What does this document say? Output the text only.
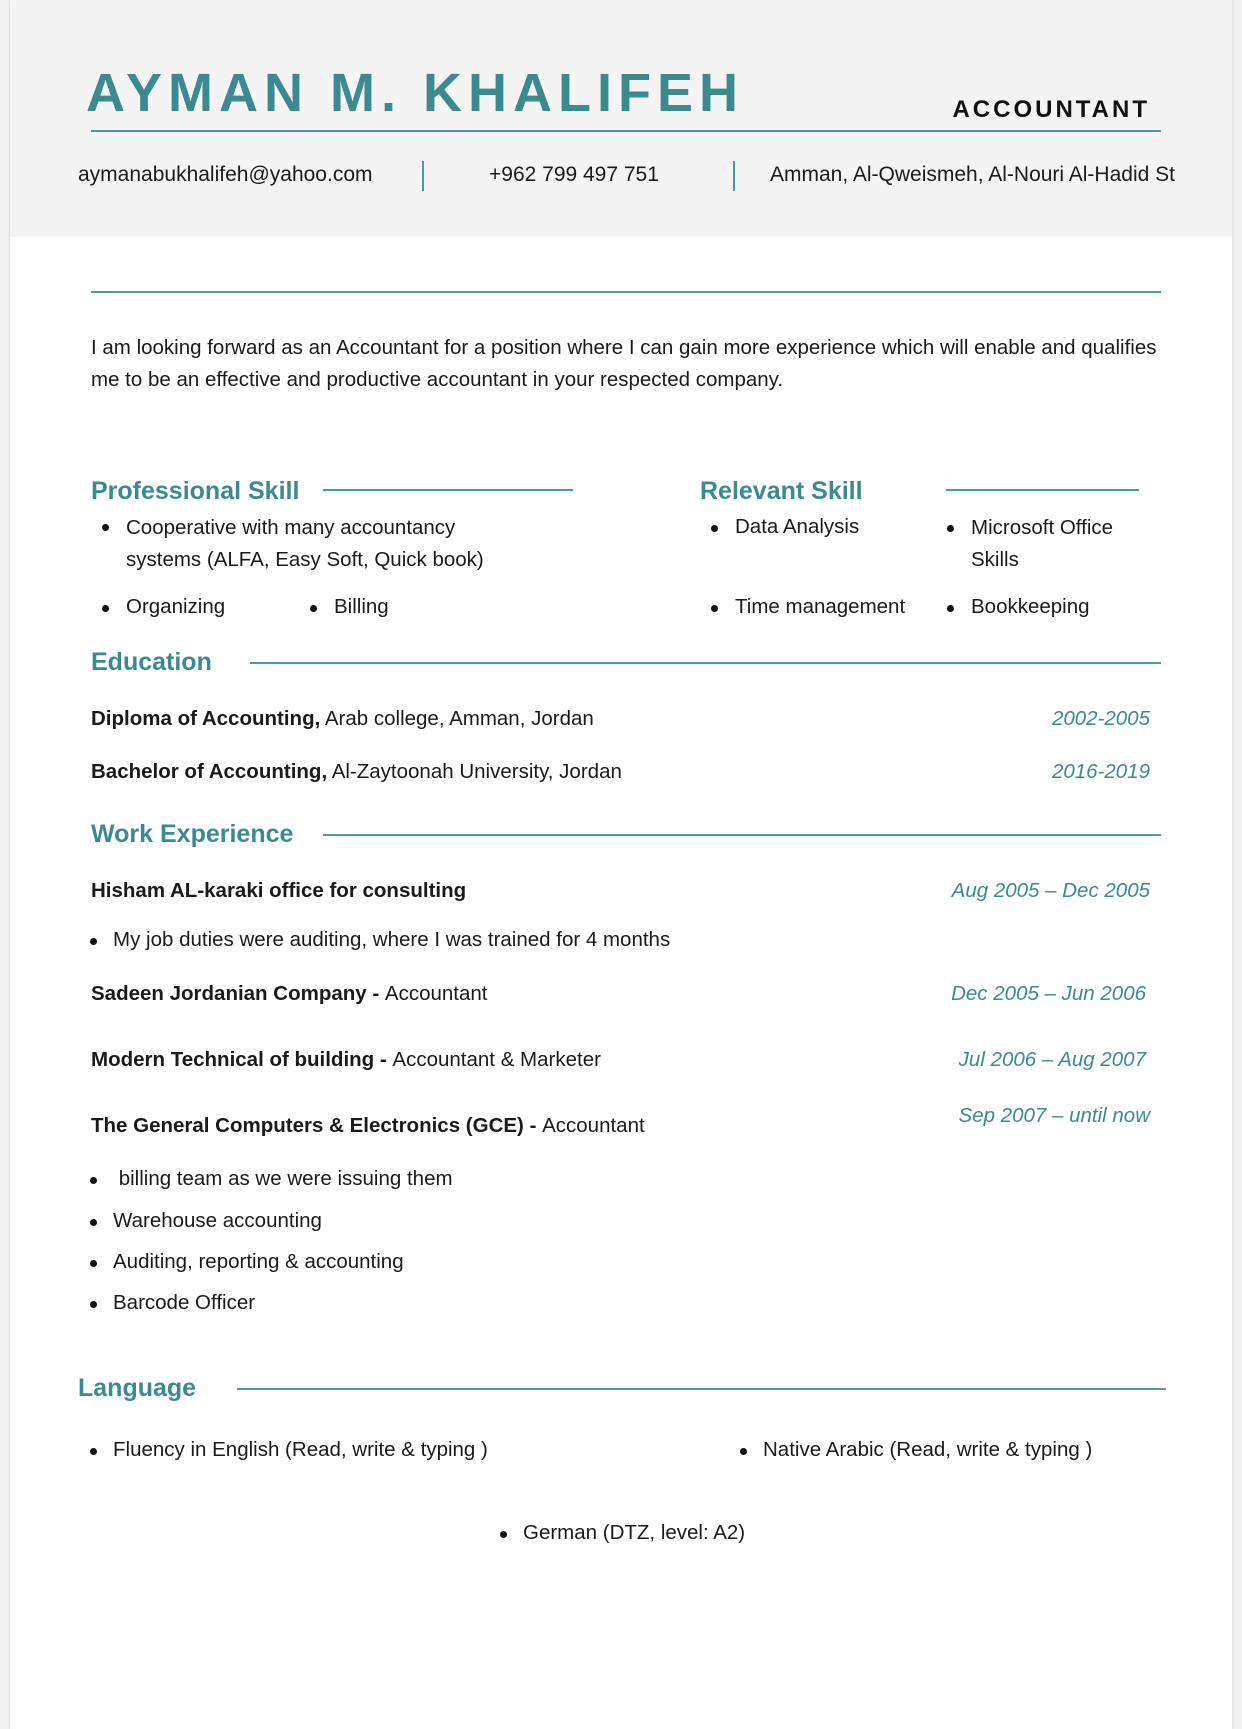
AYMAN M. KHALIFEH	ACCOUNTANT
aymanabukhalifeh@yahoo.com	+962 799 497 751	Amman, Al-Qweismeh, Al-Nouri Al-Hadid St
I am looking forward as an Accountant for a position where I can gain more experience which will enable and qualifies me to be an effective and productive accountant in your respected company.
Professional Skill
Cooperative with many accountancy systems (ALFA, Easy Soft, Quick book)
Organizing	Billing
Relevant Skill
Data Analysis	Microsoft Office Skills
Time management	Bookkeeping
Education
Diploma of Accounting, Arab college, Amman, Jordan	2002-2005
Bachelor of Accounting, Al-Zaytoonah University, Jordan	2016-2019
Work Experience
Hisham AL-karaki office for consulting	Aug 2005 – Dec 2005
My job duties were auditing, where I was trained for 4 months
Sadeen Jordanian Company - Accountant	Dec 2005 – Jun 2006
Modern Technical of building - Accountant & Marketer	Jul 2006 – Aug 2007
The General Computers & Electronics (GCE) - Accountant	Sep 2007 – until now
billing team as we were issuing them
Warehouse accounting
Auditing, reporting & accounting
Barcode Officer
Language
Fluency in English (Read, write & typing )	Native Arabic (Read, write & typing )
German (DTZ, level: A2)
